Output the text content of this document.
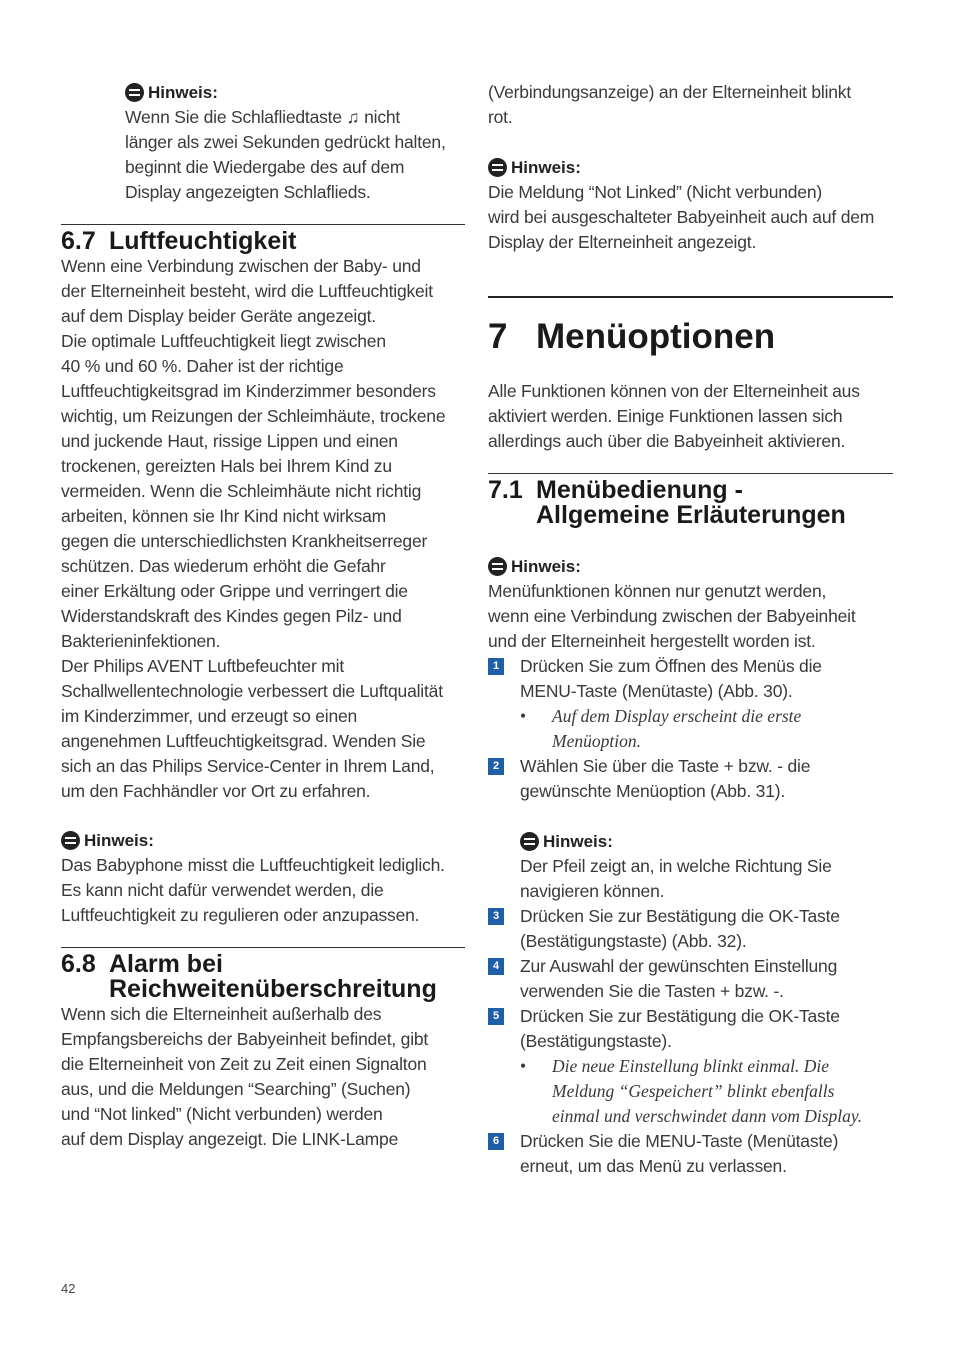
Hinweis:

Wenn Sie die Schlafliedtaste ♫ nicht

länger als zwei Sekunden gedrückt halten,

beginnt die Wiedergabe des auf dem

Display angezeigten Schlaflieds.

6.7 Luftfeuchtigkeit

Wenn eine Verbindung zwischen der Baby- und

der Elterneinheit besteht, wird die Luftfeuchtigkeit

auf dem Display beider Geräte angezeigt.

Die optimale Luftfeuchtigkeit liegt zwischen

40 % und 60 %. Daher ist der richtige

Luftfeuchtigkeitsgrad im Kinderzimmer besonders

wichtig, um Reizungen der Schleimhäute, trockene

und juckende Haut, rissige Lippen und einen

trockenen, gereizten Hals bei Ihrem Kind zu

vermeiden. Wenn die Schleimhäute nicht richtig

arbeiten, können sie Ihr Kind nicht wirksam

gegen die unterschiedlichsten Krankheitserreger

schützen. Das wiederum erhöht die Gefahr

einer Erkältung oder Grippe und verringert die

Widerstandskraft des Kindes gegen Pilz- und

Bakterieninfektionen.

Der Philips AVENT Luftbefeuchter mit

Schallwellentechnologie verbessert die Luftqualität

im Kinderzimmer, und erzeugt so einen

angenehmen Luftfeuchtigkeitsgrad. Wenden Sie

sich an das Philips Service-Center in Ihrem Land,

um den Fachhändler vor Ort zu erfahren.

Hinweis:

Das Babyphone misst die Luftfeuchtigkeit lediglich.

Es kann nicht dafür verwendet werden, die

Luftfeuchtigkeit zu regulieren oder anzupassen.

6.8 Alarm bei
Reichweitenüberschreitung

Wenn sich die Elterneinheit außerhalb des

Empfangsbereichs der Babyeinheit befindet, gibt

die Elterneinheit von Zeit zu Zeit einen Signalton

aus, und die Meldungen “Searching” (Suchen)

und “Not linked” (Nicht verbunden) werden

auf dem Display angezeigt. Die LINK-Lampe

(Verbindungsanzeige) an der Elterneinheit blinkt

rot.

Hinweis:

Die Meldung “Not Linked” (Nicht verbunden)

wird bei ausgeschalteter Babyeinheit auch auf dem

Display der Elterneinheit angezeigt.

7 Menüoptionen

Alle Funktionen können von der Elterneinheit aus

aktiviert werden. Einige Funktionen lassen sich

allerdings auch über die Babyeinheit aktivieren.

7.1 Menübedienung -
Allgemeine Erläuterungen
Hinweis:

Menüfunktionen können nur genutzt werden,

wenn eine Verbindung zwischen der Babyeinheit

und der Elterneinheit hergestellt worden ist.

1 Drücken Sie zum Öffnen des Menüs die

MENU-Taste (Menütaste) (Abb. 30).

•	Auf dem Display erscheint die erste
Menüoption.
2 Wählen Sie über die Taste + bzw. - die

gewünschte Menüoption (Abb. 31).

Hinweis:

Der Pfeil zeigt an, in welche Richtung Sie

navigieren können.

3 Drücken Sie zur Bestätigung die OK-Taste

(Bestätigungstaste) (Abb. 32).

4 Zur Auswahl der gewünschten Einstellung

verwenden Sie die Tasten + bzw. -.

5 Drücken Sie zur Bestätigung die OK-Taste

(Bestätigungstaste).

•	Die neue Einstellung blinkt einmal. Die
Meldung “Gespeichert” blinkt ebenfalls
einmal und verschwindet dann vom Display.
6 Drücken Sie die MENU-Taste (Menütaste)

erneut, um das Menü zu verlassen.

42
